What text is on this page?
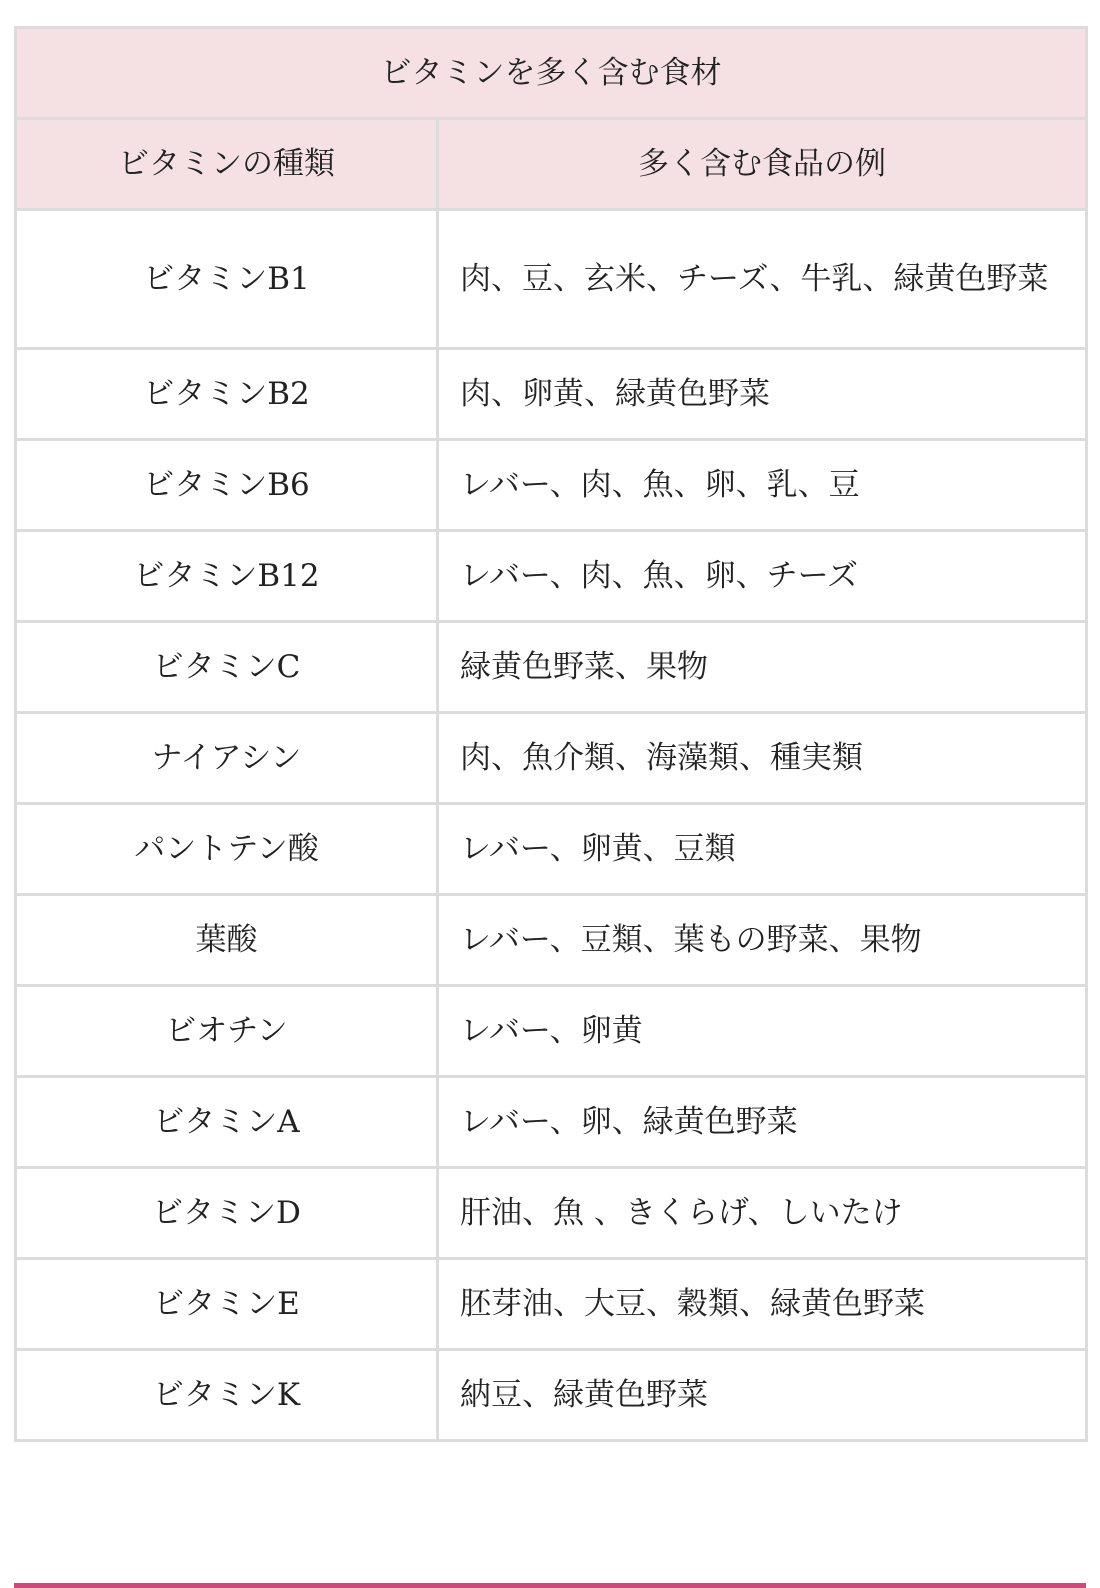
ビタミンを多く含む食材	
ビタミンの種類	多く含む食品の例
ビタミンB1	肉、豆、玄米、チーズ、牛乳、緑黄色野菜
ビタミンB2	肉、卵黄、緑黄色野菜
ビタミンB6	レバー、肉、魚、卵、乳、豆
ビタミンB12	レバー、肉、魚、卵、チーズ
ビタミンC	緑黄色野菜、果物
ナイアシン	肉、魚介類、海藻類、種実類
パントテン酸	レバー、卵黄、豆類
葉酸	レバー、豆類、葉もの野菜、果物
ビオチン	レバー、卵黄
ビタミンA	レバー、卵、緑黄色野菜
ビタミンD	肝油、魚 、きくらげ、しいたけ
ビタミンE	胚芽油、大豆、穀類、緑黄色野菜
ビタミンK	納豆、緑黄色野菜
